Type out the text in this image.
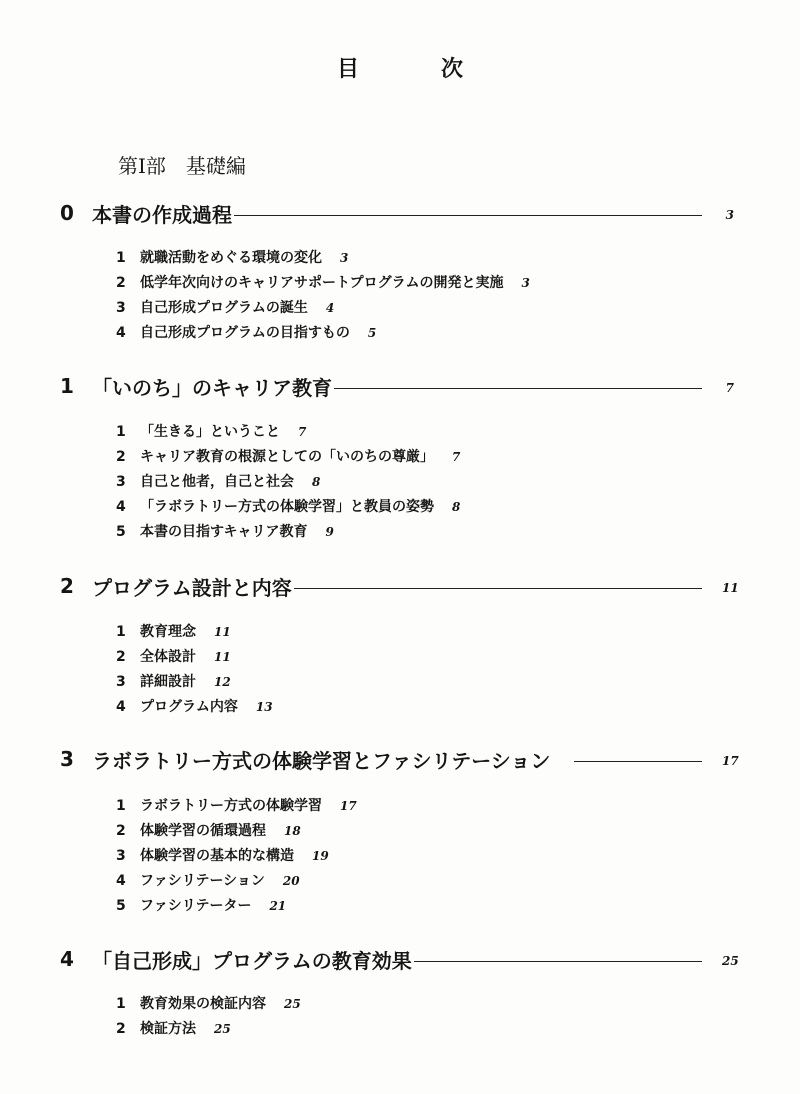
目　次
第Ⅰ部　基礎編
0 本書の作成過程	3
1	就職活動をめぐる環境の変化 3
2	低学年次向けのキャリアサポートプログラムの開発と実施 3
3	自己形成プログラムの誕生 4
4	自己形成プログラムの目指すもの 5
1 「いのち」のキャリア教育	7
1	「生きる」ということ 7
2	キャリア教育の根源としての「いのちの尊厳」 7
3	自己と他者，自己と社会 8
4	「ラボラトリー方式の体験学習」と教員の姿勢 8
5	本書の目指すキャリア教育 9
2 プログラム設計と内容	11
1	教育理念 11
2	全体設計 11
3	詳細設計 12
4	プログラム内容 13
3 ラボラトリー方式の体験学習とファシリテーション	17
1	ラボラトリー方式の体験学習 17
2	体験学習の循環過程 18
3	体験学習の基本的な構造 19
4	ファシリテーション 20
5	ファシリテーター 21
4 「自己形成」プログラムの教育効果	25
1	教育効果の検証内容 25
2	検証方法 25
